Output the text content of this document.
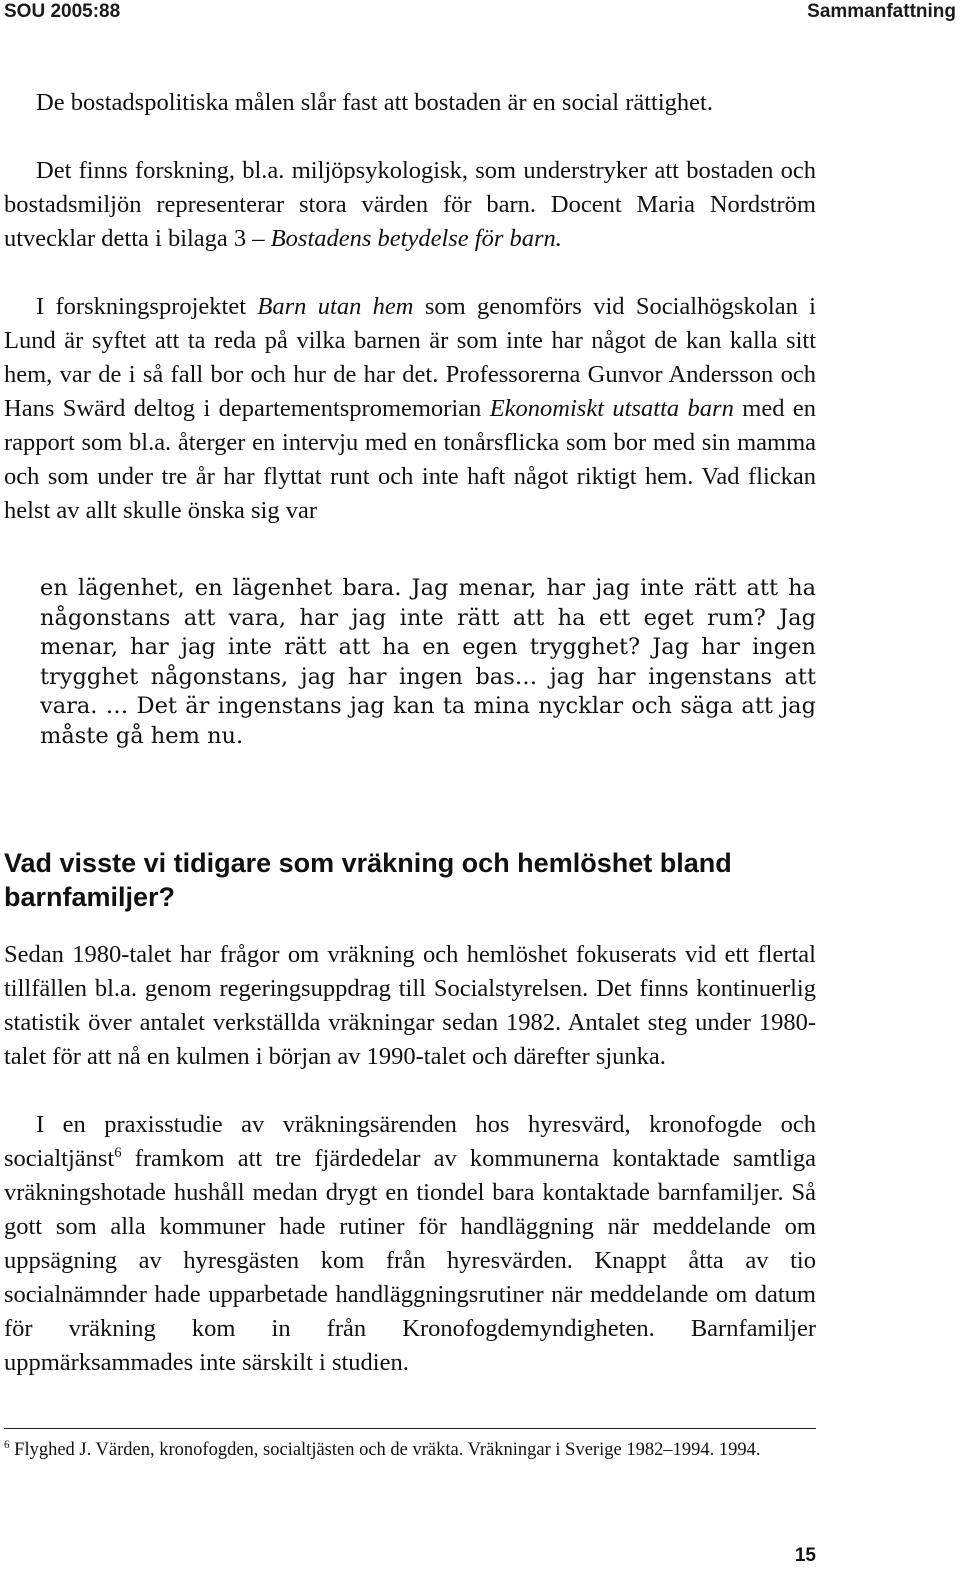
SOU 2005:88	Sammanfattning

De bostadspolitiska målen slår fast att bostaden är en social rättighet.

Det finns forskning, bl.a. miljöpsykologisk, som understryker att bostaden och bostadsmiljön representerar stora värden för barn. Docent Maria Nordström utvecklar detta i bilaga 3 – Bostadens betydelse för barn.

I forskningsprojektet Barn utan hem som genomförs vid Socialhögskolan i Lund är syftet att ta reda på vilka barnen är som inte har något de kan kalla sitt hem, var de i så fall bor och hur de har det. Professorerna Gunvor Andersson och Hans Swärd deltog i departementspromemorian Ekonomiskt utsatta barn med en rapport som bl.a. återger en intervju med en tonårsflicka som bor med sin mamma och som under tre år har flyttat runt och inte haft något riktigt hem. Vad flickan helst av allt skulle önska sig var

en lägenhet, en lägenhet bara. Jag menar, har jag inte rätt att ha någonstans att vara, har jag inte rätt att ha ett eget rum? Jag menar, har jag inte rätt att ha en egen trygghet? Jag har ingen trygghet någonstans, jag har ingen bas… jag har ingenstans att vara. … Det är ingenstans jag kan ta mina nycklar och säga att jag måste gå hem nu.

Vad visste vi tidigare som vräkning och hemlöshet bland barnfamiljer?

Sedan 1980-talet har frågor om vräkning och hemlöshet fokuserats vid ett flertal tillfällen bl.a. genom regeringsuppdrag till Socialstyrelsen. Det finns kontinuerlig statistik över antalet verkställda vräkningar sedan 1982. Antalet steg under 1980-talet för att nå en kulmen i början av 1990-talet och därefter sjunka.

I en praxisstudie av vräkningsärenden hos hyresvärd, kronofogde och socialtjänst$^6$ framkom att tre fjärdedelar av kommunerna kontaktade samtliga vräkningshotade hushåll medan drygt en tiondel bara kontaktade barnfamiljer. Så gott som alla kommuner hade rutiner för handläggning när meddelande om uppsägning av hyresgästen kom från hyresvärden. Knappt åtta av tio socialnämnder hade upparbetade handläggningsrutiner när meddelande om datum för vräkning kom in från Kronofogdemyndigheten. Barnfamiljer uppmärksammades inte särskilt i studien.

$^6$ Flyghed J. Värden, kronofogden, socialtjästen och de vräkta. Vräkningar i Sverige 1982–1994. 1994.

15
